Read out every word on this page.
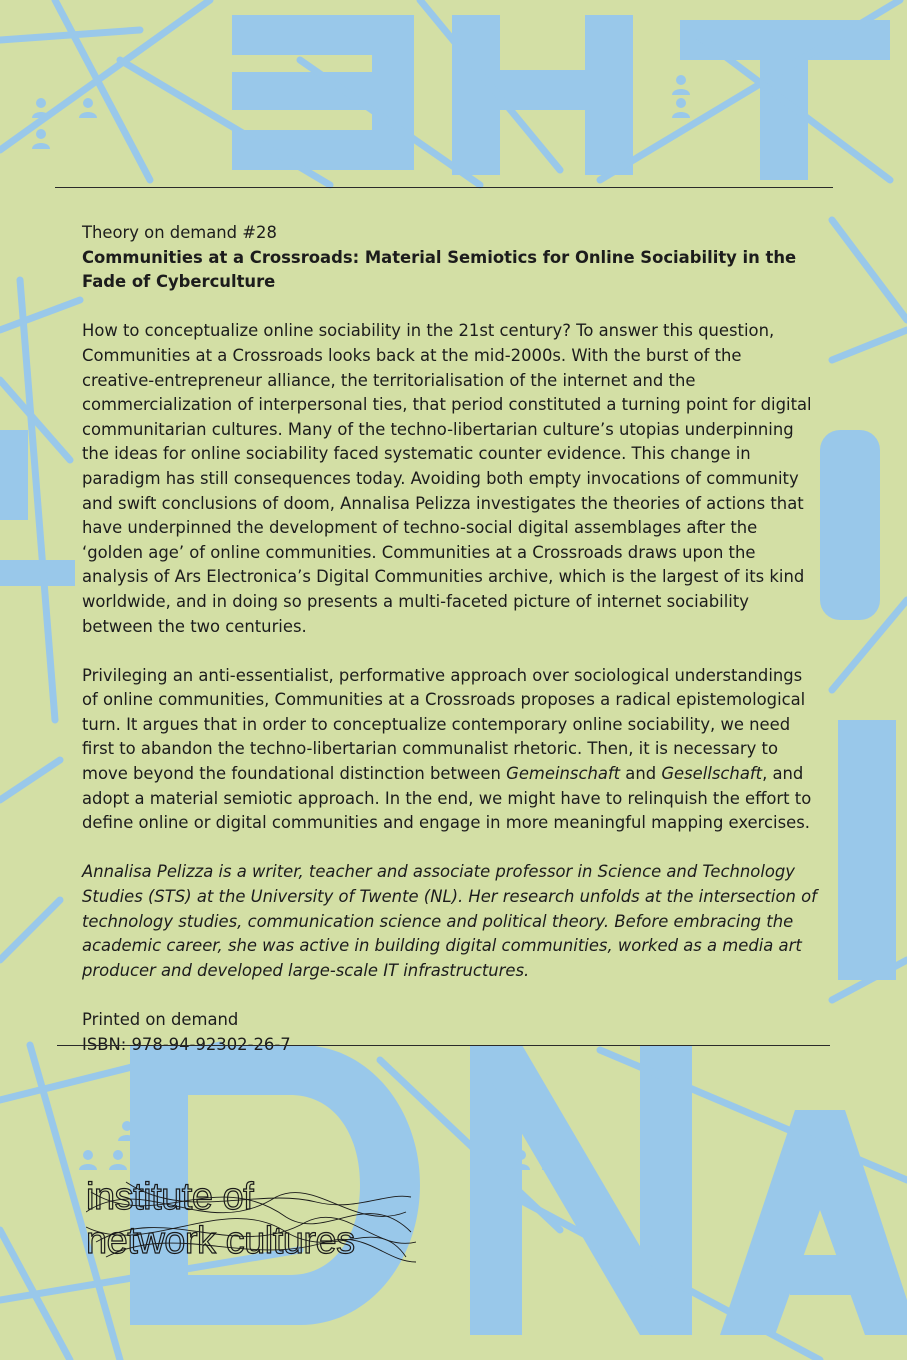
Theory on demand #28

Communities at a Crossroads: Material Semiotics for Online Sociability in the Fade of Cyberculture

How to conceptualize online sociability in the 21st century? To answer this question, Communities at a Crossroads looks back at the mid-2000s. With the burst of the creative-entrepreneur alliance, the territorialisation of the internet and the commercialization of interpersonal ties, that period constituted a turning point for digital communitarian cultures. Many of the techno-libertarian culture’s utopias underpinning the ideas for online sociability faced systematic counter evidence. This change in paradigm has still consequences today. Avoiding both empty invocations of community and swift conclusions of doom, Annalisa Pelizza investigates the theories of actions that have underpinned the development of techno-social digital assemblages after the ‘golden age’ of online communities. Communities at a Crossroads draws upon the analysis of Ars Electronica’s Digital Communities archive, which is the largest of its kind worldwide, and in doing so presents a multi-faceted picture of internet sociability between the two centuries.

Privileging an anti-essentialist, performative approach over sociological understandings of online communities, Communities at a Crossroads proposes a radical epistemological turn. It argues that in order to conceptualize contemporary online sociability, we need first to abandon the techno-libertarian communalist rhetoric. Then, it is necessary to move beyond the foundational distinction between Gemeinschaft and Gesellschaft, and adopt a material semiotic approach. In the end, we might have to relinquish the effort to define online or digital communities and engage in more meaningful mapping exercises.

Annalisa Pelizza is a writer, teacher and associate professor in Science and Technology Studies (STS) at the University of Twente (NL). Her research unfolds at the intersection of technology studies, communication science and political theory. Before embracing the academic career, she was active in building digital communities, worked as a media art producer and developed large-scale IT infrastructures.

Printed on demand

ISBN: 978-94-92302-26-7

institute of
network cultures
